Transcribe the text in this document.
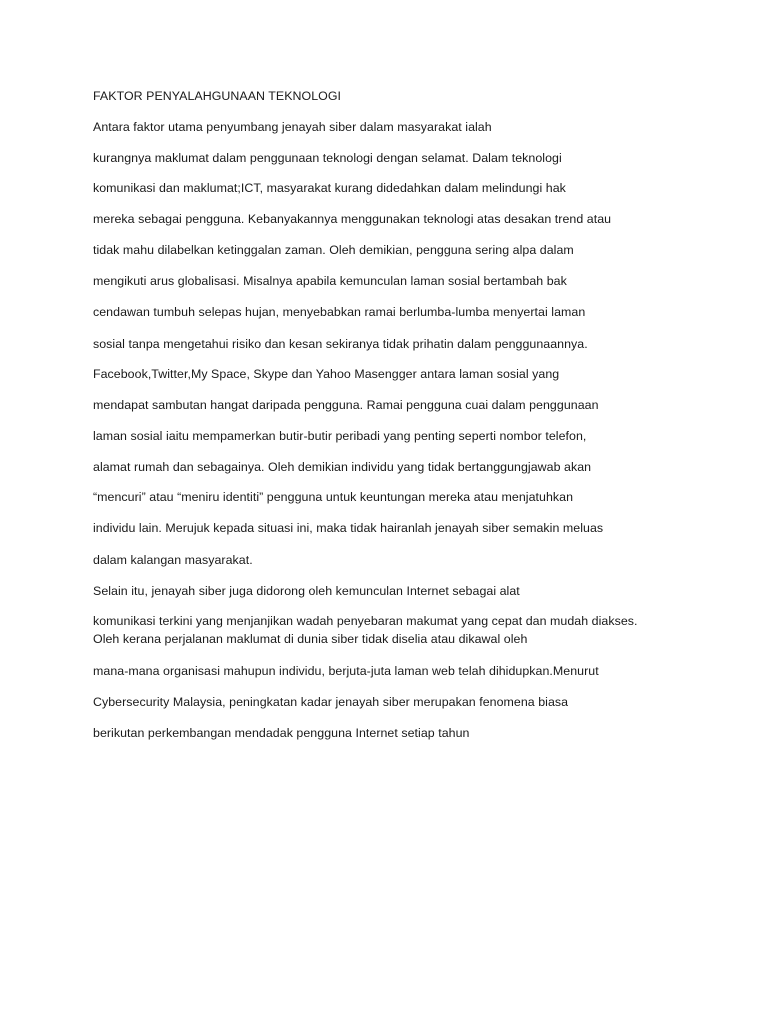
FAKTOR PENYALAHGUNAAN TEKNOLOGI
Antara faktor utama penyumbang jenayah siber dalam masyarakat ialah
kurangnya maklumat dalam penggunaan teknologi dengan selamat. Dalam teknologi
komunikasi dan maklumat;ICT, masyarakat kurang didedahkan dalam melindungi hak
mereka sebagai pengguna. Kebanyakannya menggunakan teknologi atas desakan trend atau
tidak mahu dilabelkan ketinggalan zaman. Oleh demikian, pengguna sering alpa dalam
mengikuti arus globalisasi. Misalnya apabila kemunculan laman sosial bertambah bak
cendawan tumbuh selepas hujan, menyebabkan ramai berlumba-lumba menyertai laman
sosial tanpa mengetahui risiko dan kesan sekiranya tidak prihatin dalam penggunaannya.
Facebook,Twitter,My Space, Skype dan Yahoo Masengger antara laman sosial yang
mendapat sambutan hangat daripada pengguna. Ramai pengguna cuai dalam penggunaan
laman sosial iaitu mempamerkan butir-butir peribadi yang penting seperti nombor telefon,
alamat rumah dan sebagainya. Oleh demikian individu yang tidak bertanggungjawab akan
“mencuri” atau “meniru identiti” pengguna untuk keuntungan mereka atau menjatuhkan
individu lain. Merujuk kepada situasi ini, maka tidak hairanlah jenayah siber semakin meluas
dalam kalangan masyarakat.
Selain itu, jenayah siber juga didorong oleh kemunculan Internet sebagai alat
komunikasi terkini yang menjanjikan wadah penyebaran makumat yang cepat dan mudah diakses.
Oleh kerana perjalanan maklumat di dunia siber tidak diselia atau dikawal oleh
mana-mana organisasi mahupun individu, berjuta-juta laman web telah dihidupkan.Menurut
Cybersecurity Malaysia, peningkatan kadar jenayah siber merupakan fenomena biasa
berikutan perkembangan mendadak pengguna Internet setiap tahun
